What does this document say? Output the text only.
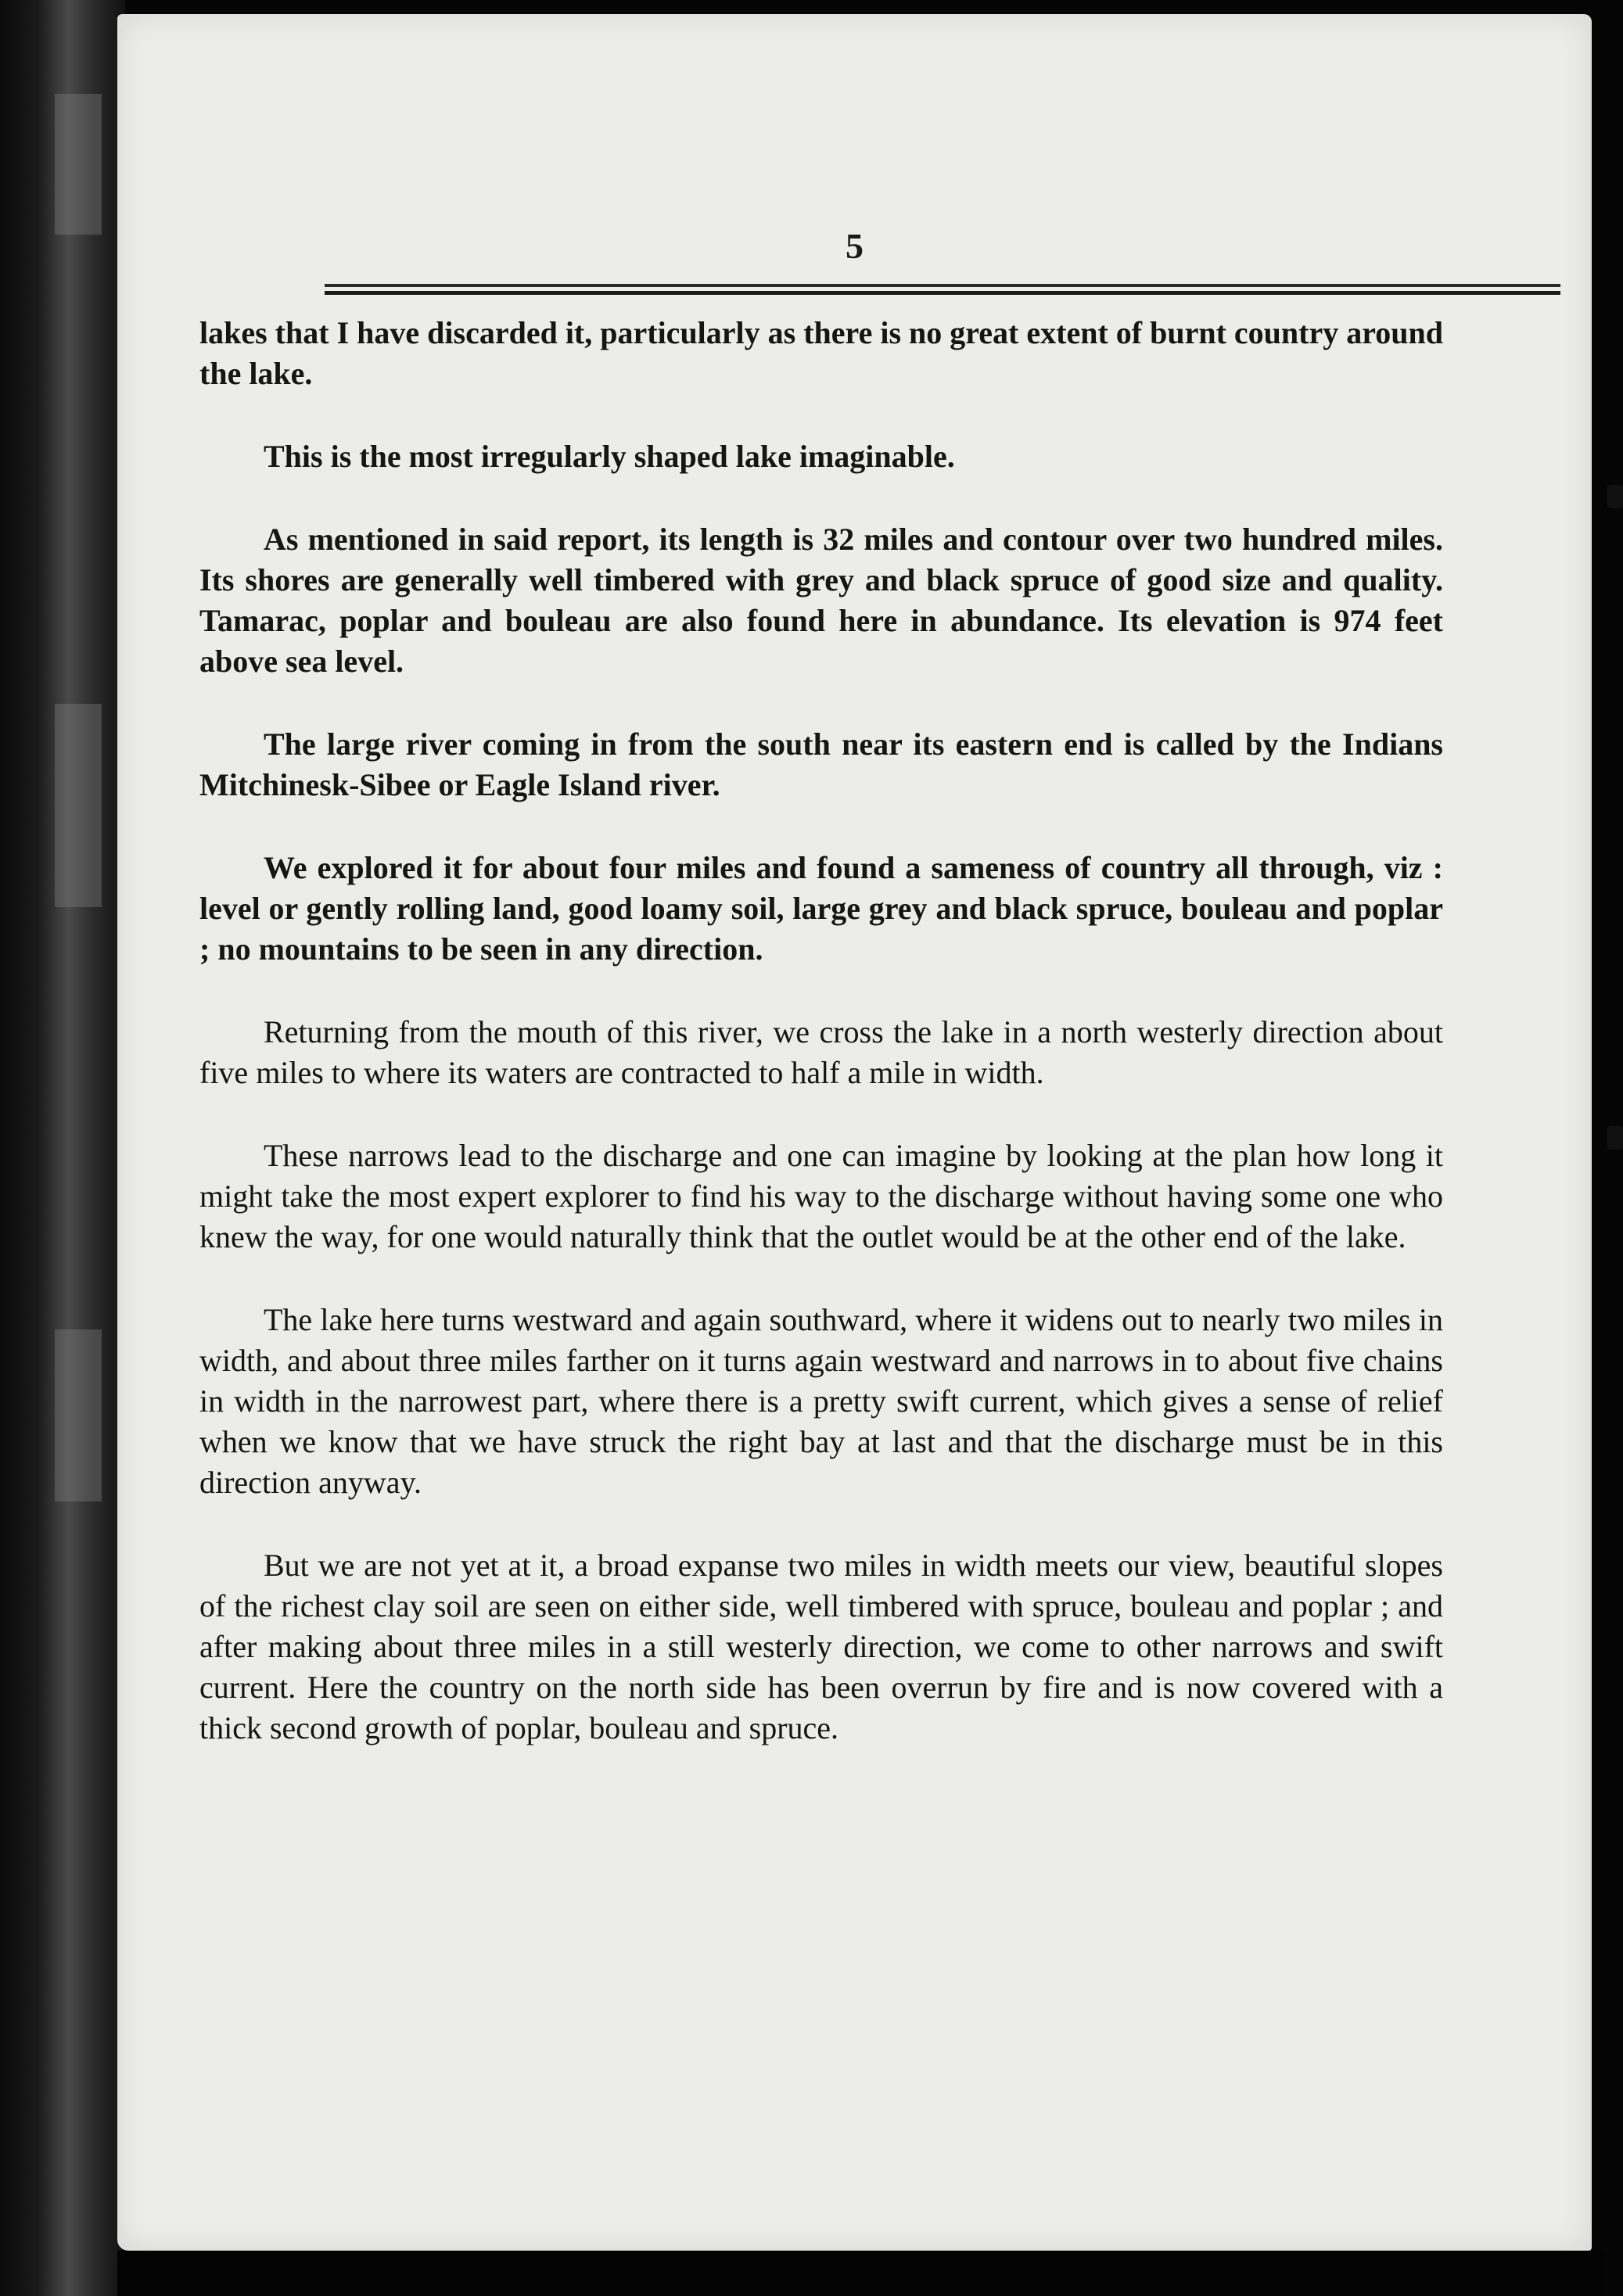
5

lakes that I have discarded it, particularly as there is no great extent of burnt country around the lake.

This is the most irregularly shaped lake imaginable.

As mentioned in said report, its length is 32 miles and contour over two hundred miles. Its shores are generally well timbered with grey and black spruce of good size and quality. Tamarac, poplar and bouleau are also found here in abundance. Its elevation is 974 feet above sea level.

The large river coming in from the south near its eastern end is called by the Indians Mitchinesk-Sibee or Eagle Island river.

We explored it for about four miles and found a sameness of country all through, viz : level or gently rolling land, good loamy soil, large grey and black spruce, bouleau and poplar ; no mountains to be seen in any direction.

Returning from the mouth of this river, we cross the lake in a north westerly direction about five miles to where its waters are contracted to half a mile in width.

These narrows lead to the discharge and one can imagine by looking at the plan how long it might take the most expert explorer to find his way to the discharge without having some one who knew the way, for one would naturally think that the outlet would be at the other end of the lake.

The lake here turns westward and again southward, where it widens out to nearly two miles in width, and about three miles farther on it turns again westward and narrows in to about five chains in width in the narrowest part, where there is a pretty swift current, which gives a sense of relief when we know that we have struck the right bay at last and that the discharge must be in this direction anyway.

But we are not yet at it, a broad expanse two miles in width meets our view, beautiful slopes of the richest clay soil are seen on either side, well timbered with spruce, bouleau and poplar ; and after making about three miles in a still westerly direction, we come to other narrows and swift current. Here the country on the north side has been overrun by fire and is now covered with a thick second growth of poplar, bouleau and spruce.
